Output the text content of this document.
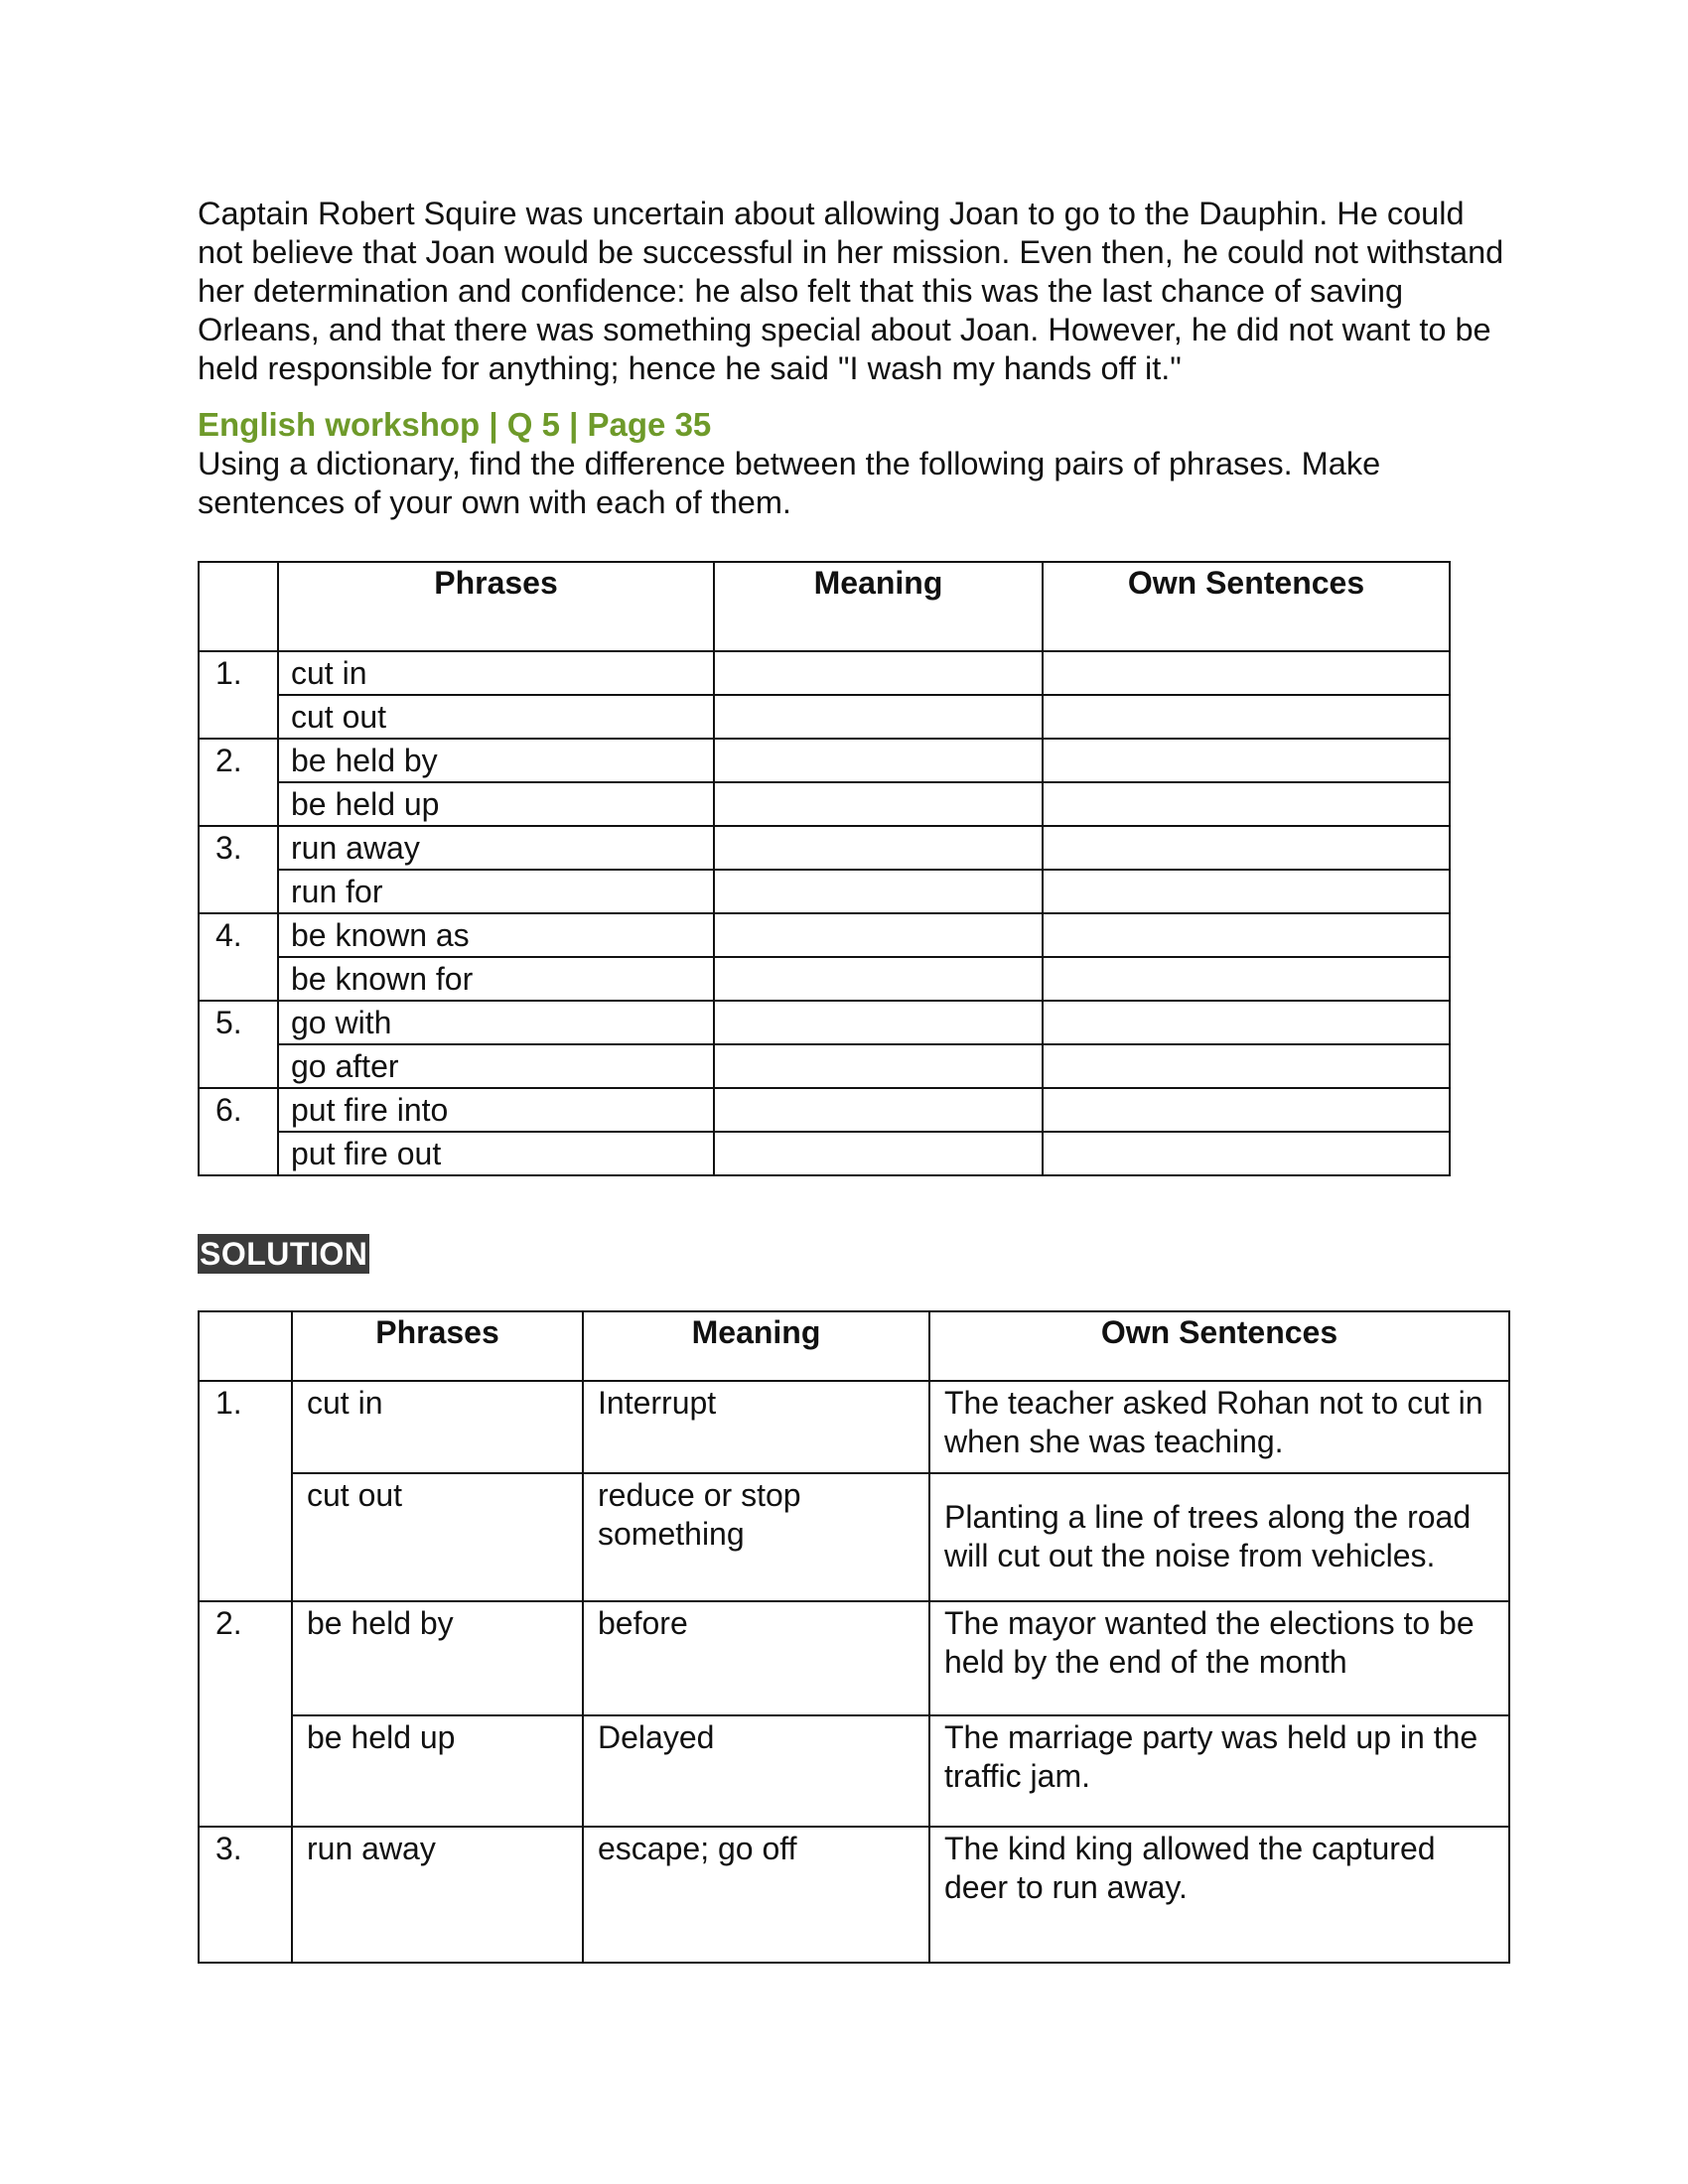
Captain Robert Squire was uncertain about allowing Joan to go to the Dauphin. He could not believe that Joan would be successful in her mission. Even then, he could not withstand her determination and confidence: he also felt that this was the last chance of saving Orleans, and that there was something special about Joan. However, he did not want to be held responsible for anything; hence he said "I wash my hands off it."

English workshop | Q 5 | Page 35

Using a dictionary, find the difference between the following pairs of phrases. Make sentences of your own with each of them.

	Phrases	Meaning	Own Sentences
1.	cut in		
	cut out		
2.	be held by		
	be held up		
3.	run away		
	run for		
4.	be known as		
	be known for		
5.	go with		
	go after		
6.	put fire into		
	put fire out		
SOLUTION
	Phrases	Meaning	Own Sentences
1.	cut in	Interrupt	The teacher asked Rohan not to cut in when she was teaching.
	cut out	reduce or stop something	Planting a line of trees along the road will cut out the noise from vehicles.
2.	be held by	before	The mayor wanted the elections to be held by the end of the month
	be held up	Delayed	The marriage party was held up in the traffic jam.
3.	run away	escape; go off	The kind king allowed the captured deer to run away.
